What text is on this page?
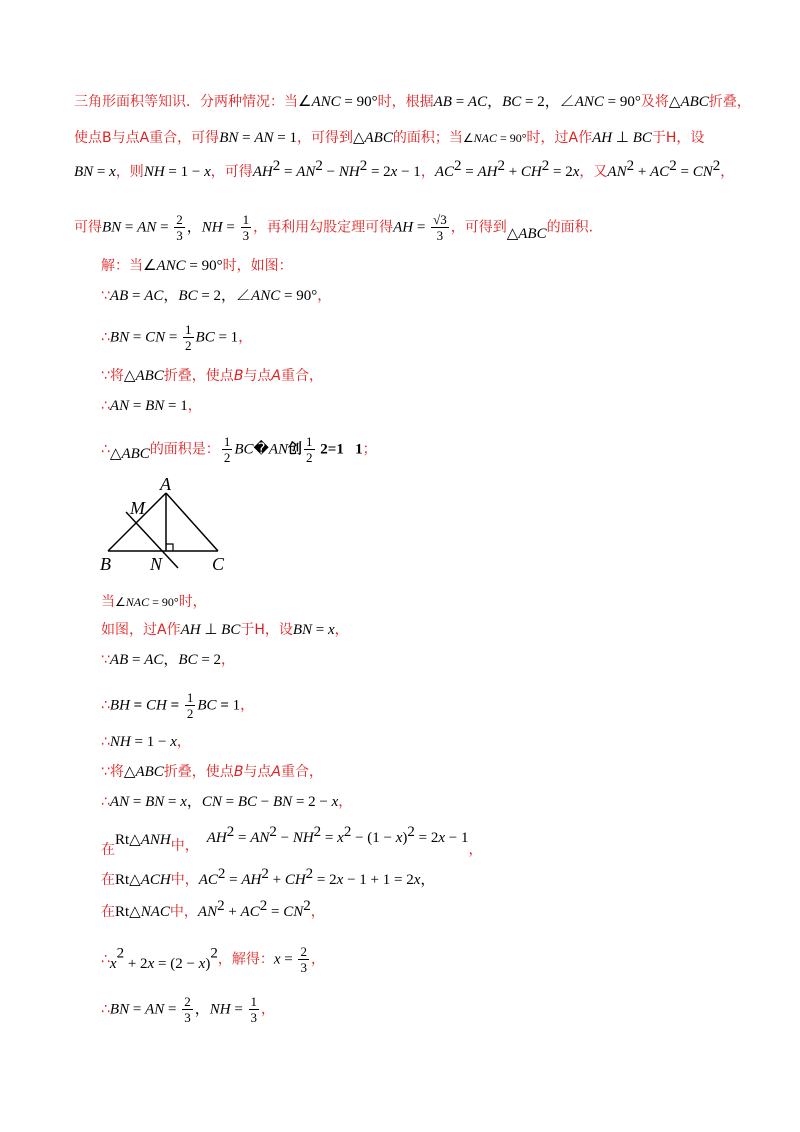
三角形面积等知识．分两种情况：当∠ANC = 90°时，根据AB = AC，BC = 2，∠ANC = 90°及将△ABC折叠，
使点B与点A重合，可得BN = AN = 1，可得到△ABC的面积；当∠NAC = 90°时，过A作AH ⊥ BC于H，设
BN = x，则NH = 1 − x，可得$AH^2 = AN^2 - NH^2 = 2x - 1$，$AC^2 = AH^2 + CH^2 = 2x$，又$AN^2 + AC^2 = CN^2$，
可得BN = AN = $\frac{2}{3}$ ，NH = $\frac{1}{3}$ ，再利用勾股定理可得AH = $\frac{√3}{3}$ ，可得到△ABC的面积．
解：当∠ANC = 90°时，如图：
∵AB = AC，BC = 2，∠ANC = 90°，
∴BN = CN = $\frac{1}{2}$ BC = 1，
∵将△ABC折叠，使点B与点A重合，
∴AN = BN = 1，
∴△ABC的面积是： $\frac{1}{2}$ BC�AN创 $\frac{1}{2} 2=1$   1；
A
M
B N	C
当∠NAC = 90°时，
如图，过A作AH ⊥ BC于H，设BN = x，
∵AB = AC，BC = 2，
∴BH = CH = $\frac{1}{2}$ BC = 1，
∴NH = 1 − x，
∵将△ABC折叠，使点B与点A重合，
∴AN = BN = x，CN = BC − BN = 2 − x，
在Rt△ANH中， $AH^2 = AN^2 - NH^2 = x^2 - (1 - x)^2 = 2x - 1$，
在Rt△ACH中，$AC^2 = AH^2 + CH^2 = 2x - 1 + 1 = 2x$，
在Rt△NAC中，$AN^2 + AC^2 = CN^2$，
$\therefore x^2 + 2x = (2 - x)^2$，解得：$x = \frac{2}{3}$ ，
∴BN = AN = $\frac{2}{3}$ ，NH = $\frac{1}{3}$ ，
